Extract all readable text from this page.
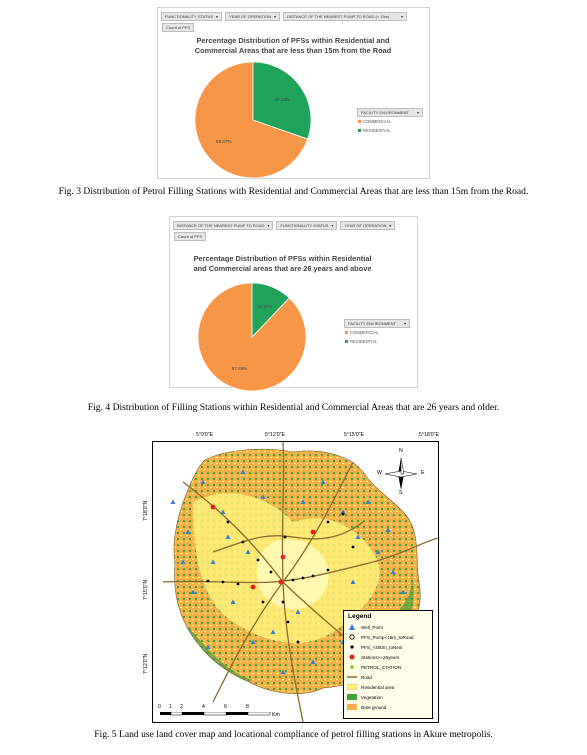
FUNCTIONALITY STATUS ▾	YEAR OF OPERATION ▾	DISTANCE OF THE NEAREST PUMP TO ROAD (< 15m)	▾
Count of PFS
Percentage Distribution of PFSs within Residential and
Commercial Areas that are less than 15m from the Road
69.67%
30.33%
FACILITY ENVIRONMENT ▾
COMMERCIAL
RESIDENTIAL
Fig. 3 Distribution of Petrol Filling Stations with Residential and Commercial Areas that are less than 15m from the Road.
DISTANCE OF THE NEAREST PUMP TO ROAD ▾	FUNCTIONALITY STATUS ▾	YEAR OF OPERATION ▾
Count of PFS
Percentage Distribution of PFSs within Residential
and Commercial areas that are 26 years and above
87.89%
12.11%
FACILITY ENVIRONMENT ▾
COMMERCIAL
RESIDENTIAL
Fig. 4 Distribution of Filling Stations within Residential and Commercial Areas that are 26 years and older.
5°9'0"E	5°12'0"E	5°15'0"E	5°18'0"E
7°18'0"N
7°15'0"N
7°12'0"N
N
S
W	E
Legend
Well_Point
PFS_Pump<15m_toRoad
PFS_<400m_toNext
Stations>=26years
PETROL_STATION
Road
Residential area
Vegetation
Bare ground
0 1 2	4	6	8
Km
Fig. 5 Land use land cover map and locational compliance of petrol filling stations in Akure metropolis.
